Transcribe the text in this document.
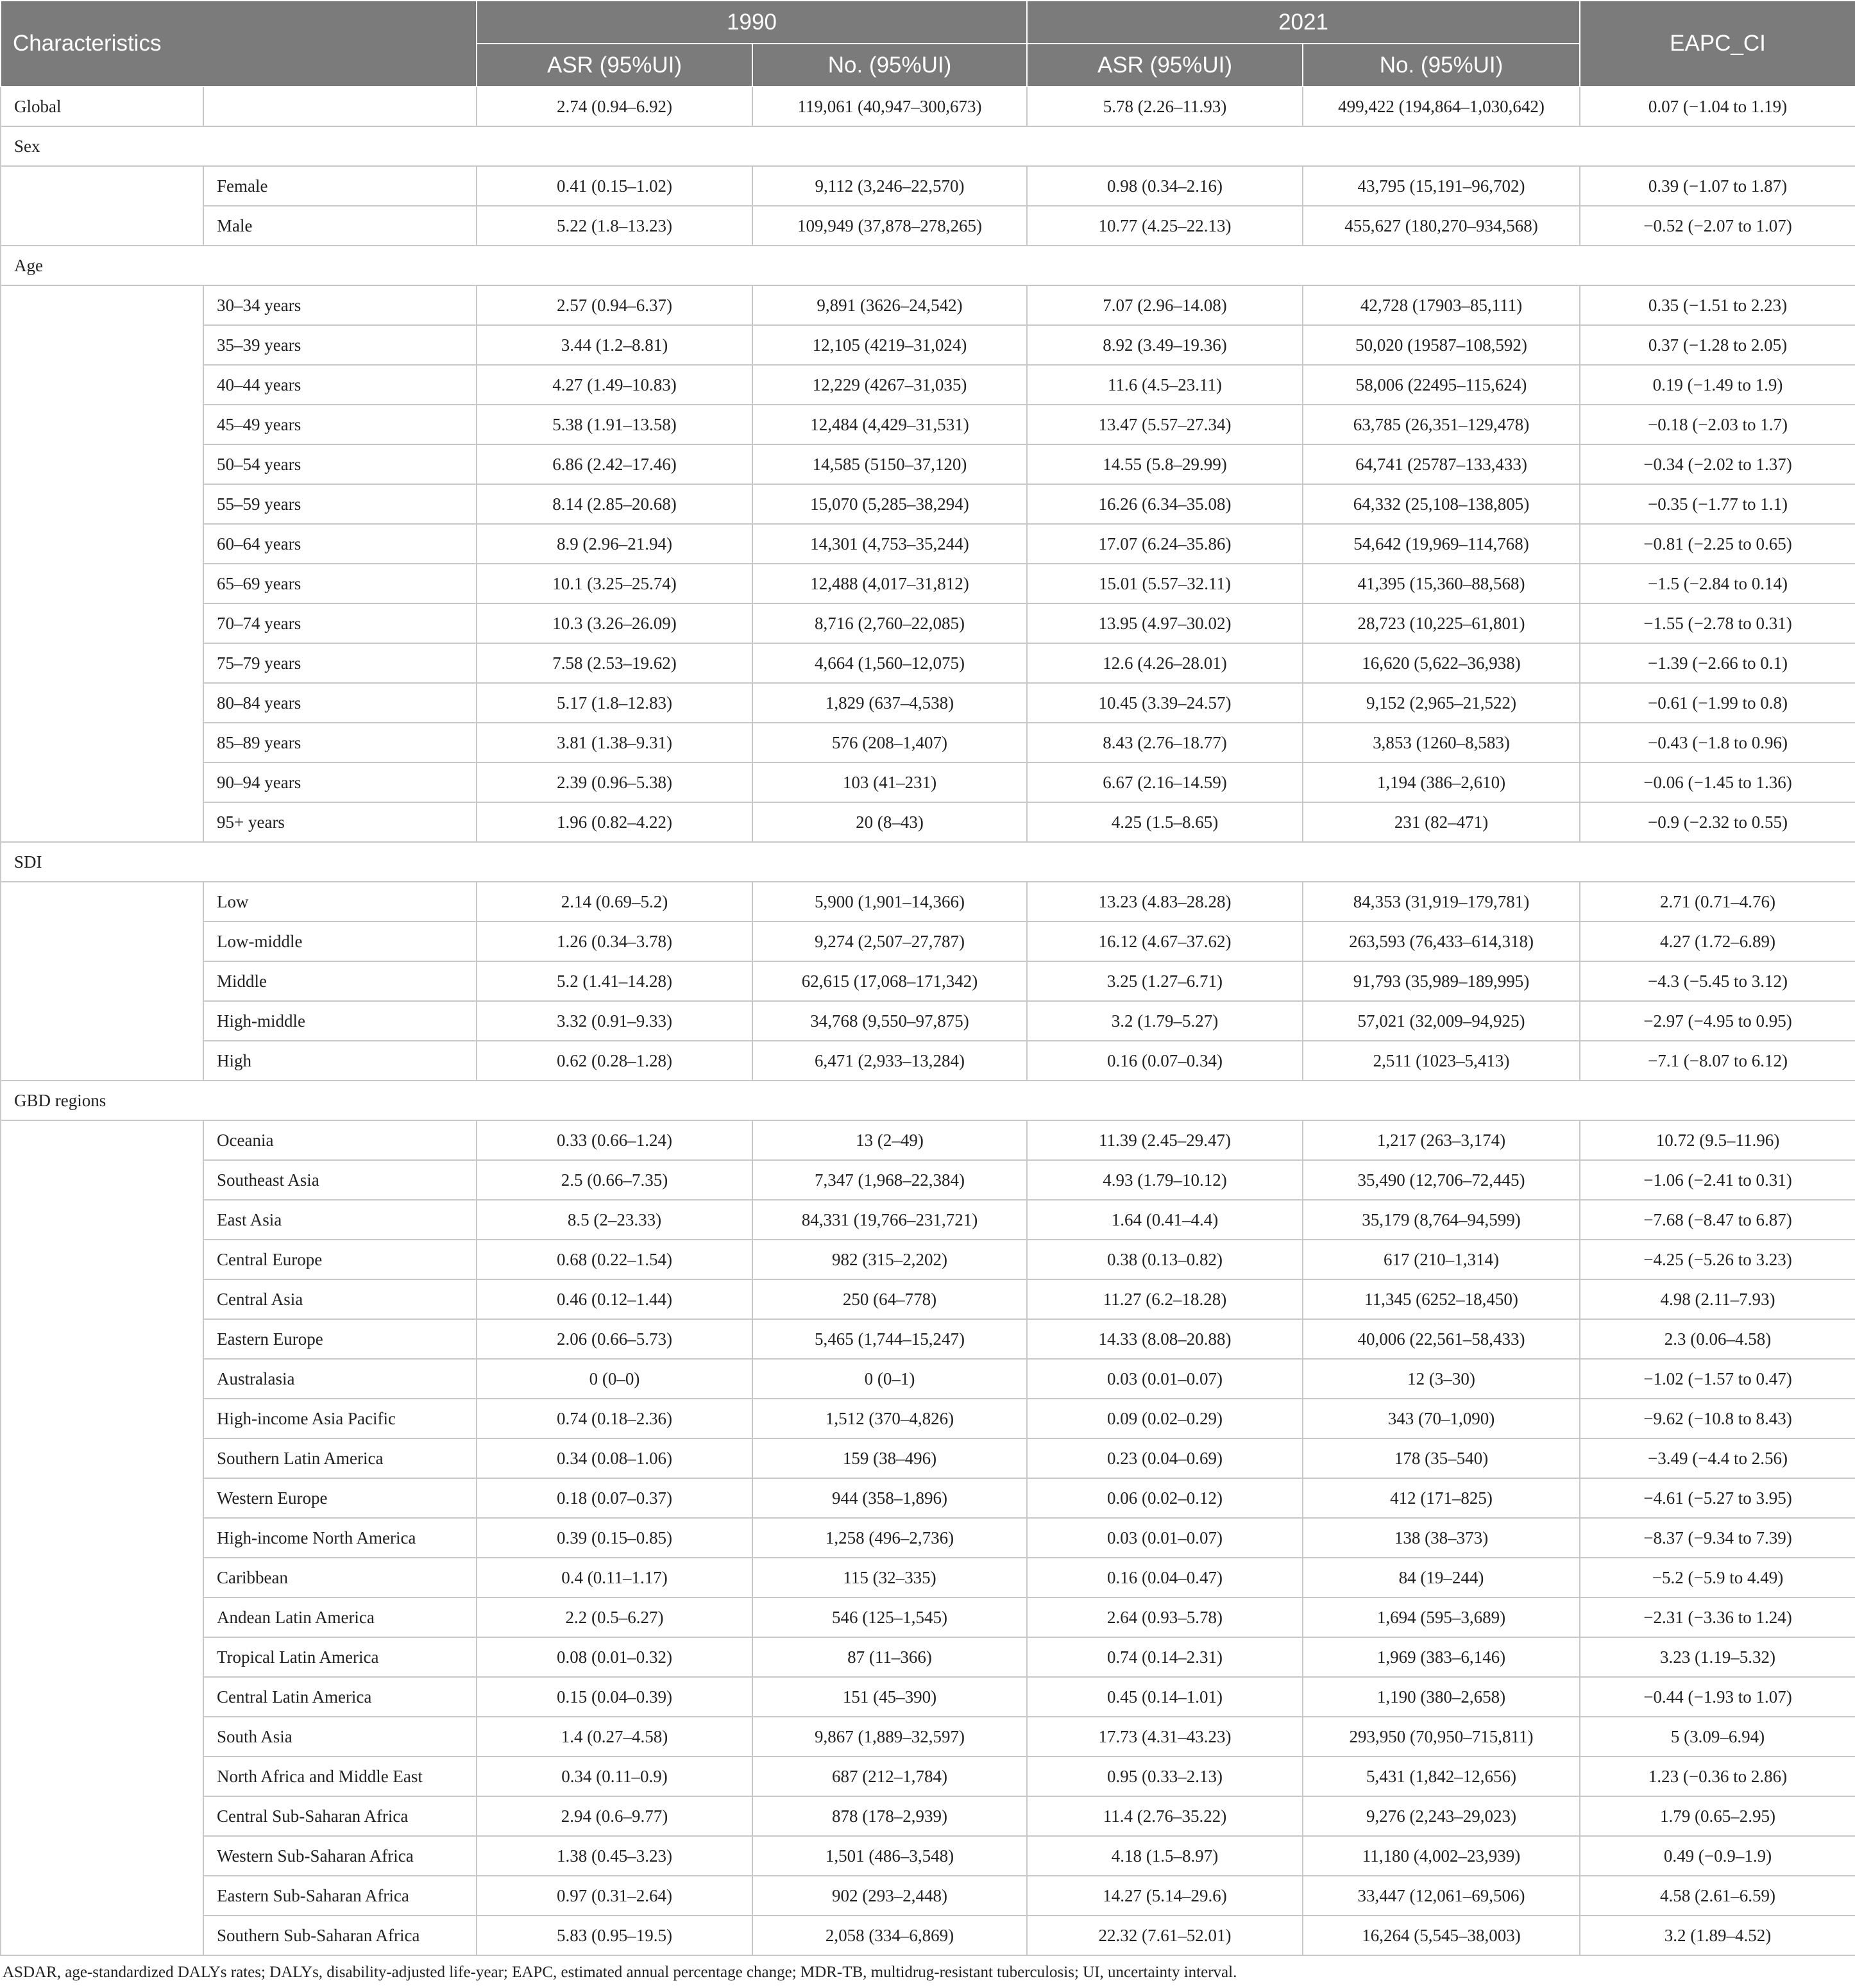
Characteristics		1990		2021		EAPC_CI
		ASR (95%UI)	No. (95%UI)	ASR (95%UI)	No. (95%UI)	
Global		2.74 (0.94–6.92)	119,061 (40,947–300,673)	5.78 (2.26–11.93)	499,422 (194,864–1,030,642)	0.07 (−1.04 to 1.19)
Sex						
	Female	0.41 (0.15–1.02)	9,112 (3,246–22,570)	0.98 (0.34–2.16)	43,795 (15,191–96,702)	0.39 (−1.07 to 1.87)
	Male	5.22 (1.8–13.23)	109,949 (37,878–278,265)	10.77 (4.25–22.13)	455,627 (180,270–934,568)	−0.52 (−2.07 to 1.07)
Age						
	30–34 years	2.57 (0.94–6.37)	9,891 (3626–24,542)	7.07 (2.96–14.08)	42,728 (17903–85,111)	0.35 (−1.51 to 2.23)
	35–39 years	3.44 (1.2–8.81)	12,105 (4219–31,024)	8.92 (3.49–19.36)	50,020 (19587–108,592)	0.37 (−1.28 to 2.05)
	40–44 years	4.27 (1.49–10.83)	12,229 (4267–31,035)	11.6 (4.5–23.11)	58,006 (22495–115,624)	0.19 (−1.49 to 1.9)
	45–49 years	5.38 (1.91–13.58)	12,484 (4,429–31,531)	13.47 (5.57–27.34)	63,785 (26,351–129,478)	−0.18 (−2.03 to 1.7)
	50–54 years	6.86 (2.42–17.46)	14,585 (5150–37,120)	14.55 (5.8–29.99)	64,741 (25787–133,433)	−0.34 (−2.02 to 1.37)
	55–59 years	8.14 (2.85–20.68)	15,070 (5,285–38,294)	16.26 (6.34–35.08)	64,332 (25,108–138,805)	−0.35 (−1.77 to 1.1)
	60–64 years	8.9 (2.96–21.94)	14,301 (4,753–35,244)	17.07 (6.24–35.86)	54,642 (19,969–114,768)	−0.81 (−2.25 to 0.65)
	65–69 years	10.1 (3.25–25.74)	12,488 (4,017–31,812)	15.01 (5.57–32.11)	41,395 (15,360–88,568)	−1.5 (−2.84 to 0.14)
	70–74 years	10.3 (3.26–26.09)	8,716 (2,760–22,085)	13.95 (4.97–30.02)	28,723 (10,225–61,801)	−1.55 (−2.78 to 0.31)
	75–79 years	7.58 (2.53–19.62)	4,664 (1,560–12,075)	12.6 (4.26–28.01)	16,620 (5,622–36,938)	−1.39 (−2.66 to 0.1)
	80–84 years	5.17 (1.8–12.83)	1,829 (637–4,538)	10.45 (3.39–24.57)	9,152 (2,965–21,522)	−0.61 (−1.99 to 0.8)
	85–89 years	3.81 (1.38–9.31)	576 (208–1,407)	8.43 (2.76–18.77)	3,853 (1260–8,583)	−0.43 (−1.8 to 0.96)
	90–94 years	2.39 (0.96–5.38)	103 (41–231)	6.67 (2.16–14.59)	1,194 (386–2,610)	−0.06 (−1.45 to 1.36)
	95+ years	1.96 (0.82–4.22)	20 (8–43)	4.25 (1.5–8.65)	231 (82–471)	−0.9 (−2.32 to 0.55)
SDI						
	Low	2.14 (0.69–5.2)	5,900 (1,901–14,366)	13.23 (4.83–28.28)	84,353 (31,919–179,781)	2.71 (0.71–4.76)
	Low-middle	1.26 (0.34–3.78)	9,274 (2,507–27,787)	16.12 (4.67–37.62)	263,593 (76,433–614,318)	4.27 (1.72–6.89)
	Middle	5.2 (1.41–14.28)	62,615 (17,068–171,342)	3.25 (1.27–6.71)	91,793 (35,989–189,995)	−4.3 (−5.45 to 3.12)
	High-middle	3.32 (0.91–9.33)	34,768 (9,550–97,875)	3.2 (1.79–5.27)	57,021 (32,009–94,925)	−2.97 (−4.95 to 0.95)
	High	0.62 (0.28–1.28)	6,471 (2,933–13,284)	0.16 (0.07–0.34)	2,511 (1023–5,413)	−7.1 (−8.07 to 6.12)
GBD regions						
	Oceania	0.33 (0.66–1.24)	13 (2–49)	11.39 (2.45–29.47)	1,217 (263–3,174)	10.72 (9.5–11.96)
	Southeast Asia	2.5 (0.66–7.35)	7,347 (1,968–22,384)	4.93 (1.79–10.12)	35,490 (12,706–72,445)	−1.06 (−2.41 to 0.31)
	East Asia	8.5 (2–23.33)	84,331 (19,766–231,721)	1.64 (0.41–4.4)	35,179 (8,764–94,599)	−7.68 (−8.47 to 6.87)
	Central Europe	0.68 (0.22–1.54)	982 (315–2,202)	0.38 (0.13–0.82)	617 (210–1,314)	−4.25 (−5.26 to 3.23)
	Central Asia	0.46 (0.12–1.44)	250 (64–778)	11.27 (6.2–18.28)	11,345 (6252–18,450)	4.98 (2.11–7.93)
	Eastern Europe	2.06 (0.66–5.73)	5,465 (1,744–15,247)	14.33 (8.08–20.88)	40,006 (22,561–58,433)	2.3 (0.06–4.58)
	Australasia	0 (0–0)	0 (0–1)	0.03 (0.01–0.07)	12 (3–30)	−1.02 (−1.57 to 0.47)
	High-income Asia Pacific	0.74 (0.18–2.36)	1,512 (370–4,826)	0.09 (0.02–0.29)	343 (70–1,090)	−9.62 (−10.8 to 8.43)
	Southern Latin America	0.34 (0.08–1.06)	159 (38–496)	0.23 (0.04–0.69)	178 (35–540)	−3.49 (−4.4 to 2.56)
	Western Europe	0.18 (0.07–0.37)	944 (358–1,896)	0.06 (0.02–0.12)	412 (171–825)	−4.61 (−5.27 to 3.95)
	High-income North America	0.39 (0.15–0.85)	1,258 (496–2,736)	0.03 (0.01–0.07)	138 (38–373)	−8.37 (−9.34 to 7.39)
	Caribbean	0.4 (0.11–1.17)	115 (32–335)	0.16 (0.04–0.47)	84 (19–244)	−5.2 (−5.9 to 4.49)
	Andean Latin America	2.2 (0.5–6.27)	546 (125–1,545)	2.64 (0.93–5.78)	1,694 (595–3,689)	−2.31 (−3.36 to 1.24)
	Tropical Latin America	0.08 (0.01–0.32)	87 (11–366)	0.74 (0.14–2.31)	1,969 (383–6,146)	3.23 (1.19–5.32)
	Central Latin America	0.15 (0.04–0.39)	151 (45–390)	0.45 (0.14–1.01)	1,190 (380–2,658)	−0.44 (−1.93 to 1.07)
	South Asia	1.4 (0.27–4.58)	9,867 (1,889–32,597)	17.73 (4.31–43.23)	293,950 (70,950–715,811)	5 (3.09–6.94)
	North Africa and Middle East	0.34 (0.11–0.9)	687 (212–1,784)	0.95 (0.33–2.13)	5,431 (1,842–12,656)	1.23 (−0.36 to 2.86)
	Central Sub-Saharan Africa	2.94 (0.6–9.77)	878 (178–2,939)	11.4 (2.76–35.22)	9,276 (2,243–29,023)	1.79 (0.65–2.95)
	Western Sub-Saharan Africa	1.38 (0.45–3.23)	1,501 (486–3,548)	4.18 (1.5–8.97)	11,180 (4,002–23,939)	0.49 (−0.9–1.9)
	Eastern Sub-Saharan Africa	0.97 (0.31–2.64)	902 (293–2,448)	14.27 (5.14–29.6)	33,447 (12,061–69,506)	4.58 (2.61–6.59)
	Southern Sub-Saharan Africa	5.83 (0.95–19.5)	2,058 (334–6,869)	22.32 (7.61–52.01)	16,264 (5,545–38,003)	3.2 (1.89–4.52)
ASDAR, age-standardized DALYs rates; DALYs, disability-adjusted life-year; EAPC, estimated annual percentage change; MDR-TB, multidrug-resistant tuberculosis; UI, uncertainty interval.
